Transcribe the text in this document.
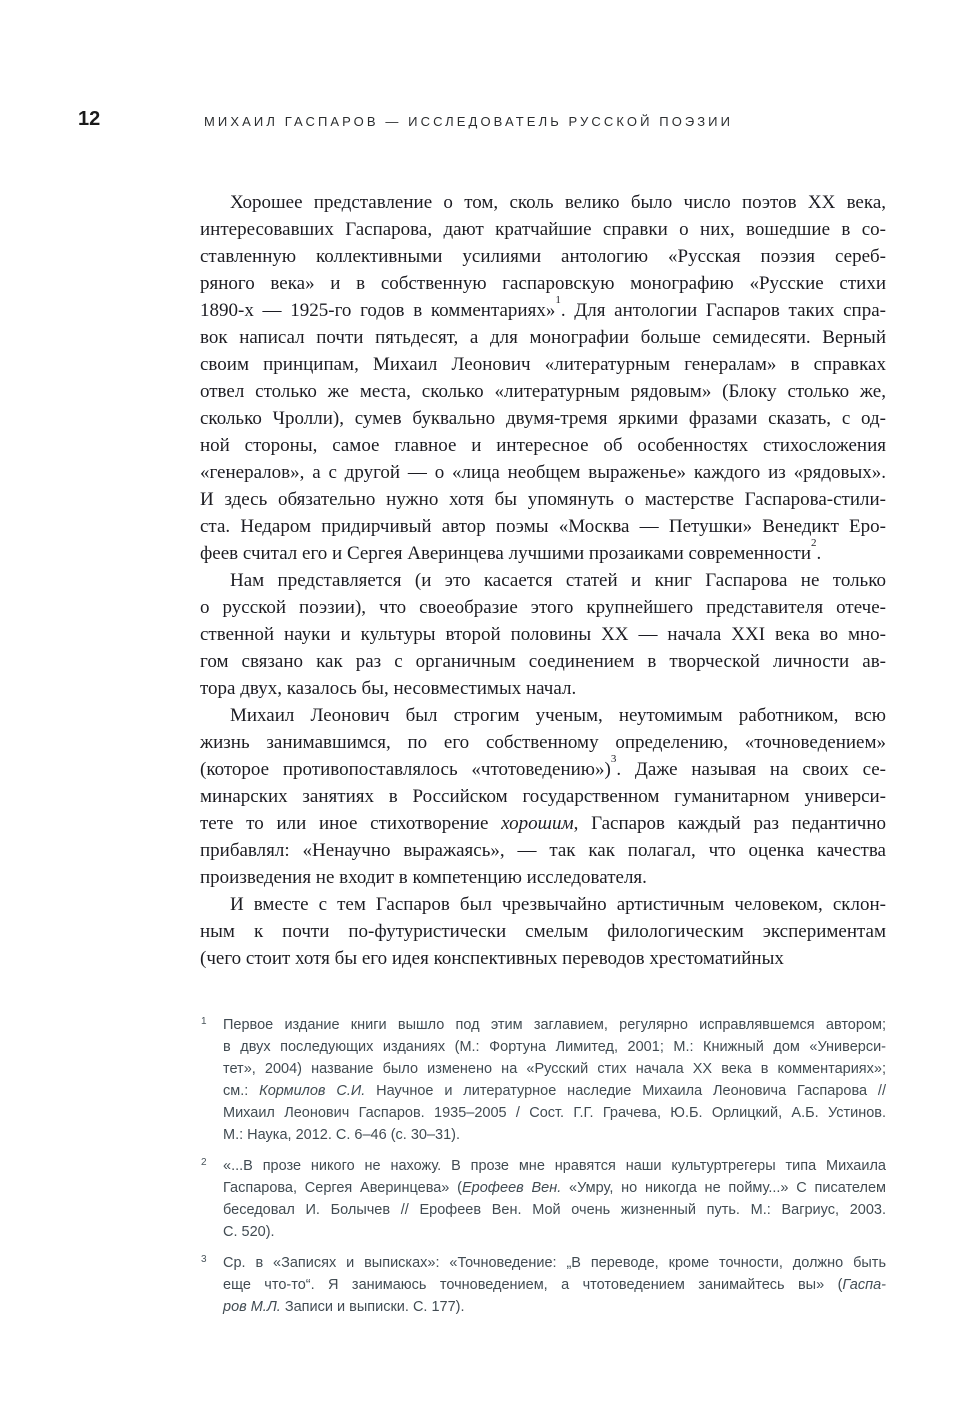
12	МИХАИЛ ГАСПАРОВ — ИССЛЕДОВАТЕЛЬ РУССКОЙ ПОЭЗИИ
Хорошее представление о том, сколь велико было число поэтов XX века,
интересовавших Гаспарова, дают кратчайшие справки о них, вошедшие в со-
ставленную коллективными усилиями антологию «Русская поэзия сереб-
ряного века» и в собственную гаспаровскую монографию «Русские стихи
1890-х — 1925-го годов в комментариях»$^1$. Для антологии Гаспаров таких спра-
вок написал почти пятьдесят, а для монографии больше семидесяти. Верный
своим принципам, Михаил Леонович «литературным генералам» в справках
отвел столько же места, сколько «литературным рядовым» (Блоку столько же,
сколько Чролли), сумев буквально двумя-тремя яркими фразами сказать, с од-
ной стороны, самое главное и интересное об особенностях стихосложения
«генералов», а с другой — о «лица необщем выраженье» каждого из «рядовых».
И здесь обязательно нужно хотя бы упомянуть о мастерстве Гаспарова-стили-
ста. Недаром придирчивый автор поэмы «Москва — Петушки» Венедикт Еро-
феев считал его и Сергея Аверинцева лучшими прозаиками современности$^2$.
Нам представляется (и это касается статей и книг Гаспарова не только
о русской поэзии), что своеобразие этого крупнейшего представителя отече-
ственной науки и культуры второй половины XX — начала XXI века во мно-
гом связано как раз с органичным соединением в творческой личности ав-
тора двух, казалось бы, несовместимых начал.
Михаил Леонович был строгим ученым, неутомимым работником, всю
жизнь занимавшимся, по его собственному определению, «точноведением»
(которое противопоставлялось «чтотоведению»)$^3$. Даже называя на своих се-
минарских занятиях в Российском государственном гуманитарном универси-
тете то или иное стихотворение хорошим, Гаспаров каждый раз педантично
прибавлял: «Ненаучно выражаясь», — так как полагал, что оценка качества
произведения не входит в компетенцию исследователя.
И вместе с тем Гаспаров был чрезвычайно артистичным человеком, склон-
ным к почти по-футуристически смелым филологическим экспериментам
(чего стоит хотя бы его идея конспективных переводов хрестоматийных
1 Первое издание книги вышло под этим заглавием, регулярно исправлявшемся автором;
в двух последующих изданиях (М.: Фортуна Лимитед, 2001; М.: Книжный дом «Универси-
тет», 2004) название было изменено на «Русский стих начала XX века в комментариях»;
см.: Кормилов С.И. Научное и литературное наследие Михаила Леоновича Гаспарова //
Михаил Леонович Гаспаров. 1935–2005 / Сост. Г.Г. Грачева, Ю.Б. Орлицкий, А.Б. Устинов.
М.: Наука, 2012. С. 6–46 (с. 30–31).
2 «...В прозе никого не нахожу. В прозе мне нравятся наши культуртрегеры типа Михаила
Гаспарова, Сергея Аверинцева» (Ерофеев Вен. «Умру, но никогда не пойму...» С писателем
беседовал И. Болычев // Ерофеев Вен. Мой очень жизненный путь. М.: Вагриус, 2003.
С. 520).
3 Ср. в «Записях и выписках»: «Точноведение: „В переводе, кроме точности, должно быть
еще что-то“. Я занимаюсь точноведением, а чтотоведением занимайтесь вы» (Гаспа-
ров М.Л. Записи и выписки. С. 177).
